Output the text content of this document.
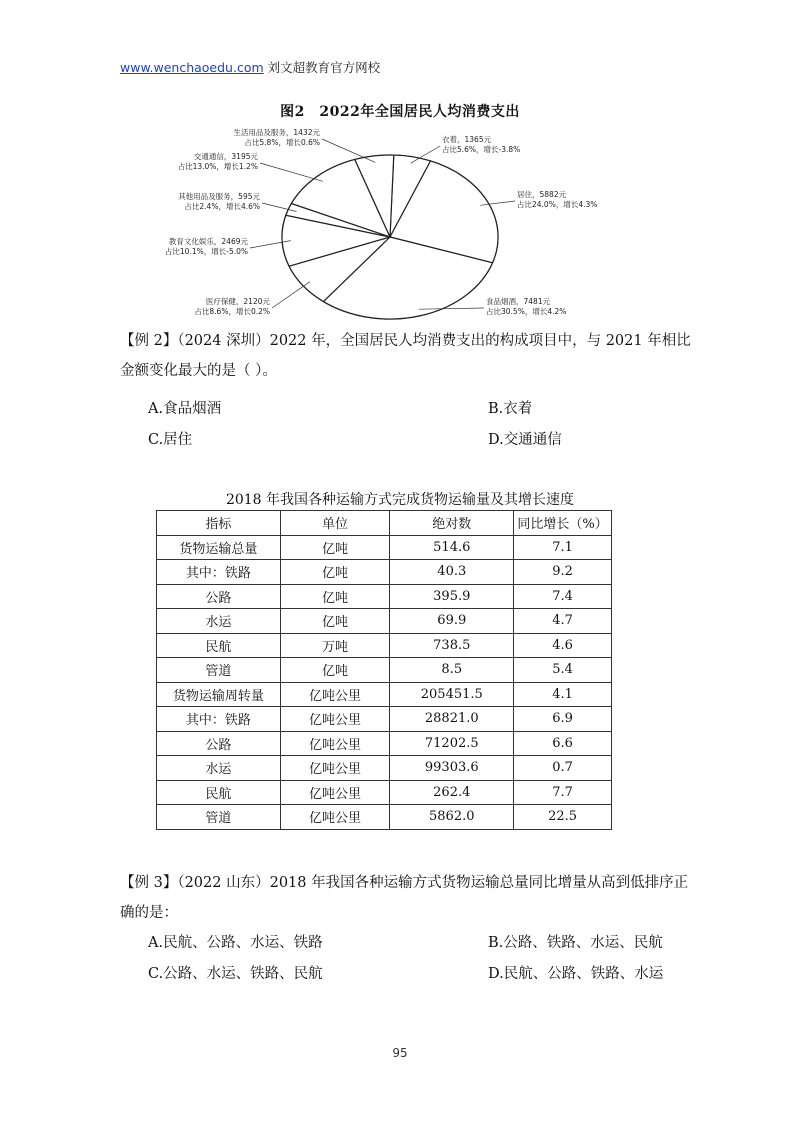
www.wenchaoedu.com 刘文超教育官方网校
图2　2022年全国居民人均消费支出
衣着，1365元
占比5.6%，增长-3.8%
居住，5882元
占比24.0%，增长4.3%
食品烟酒，7481元
占比30.5%，增长4.2%
医疗保健，2120元
占比8.6%，增长0.2%
教育文化娱乐，2469元
占比10.1%，增长-5.0%
其他用品及服务，595元
占比2.4%，增长4.6%
交通通信，3195元
占比13.0%，增长1.2%
生活用品及服务，1432元
占比5.8%，增长0.6%
【例 2】（2024 深圳）2022 年，全国居民人均消费支出的构成项目中，与 2021 年相比金额变化最大的是（ ）。
A.食品烟酒	B.衣着
C.居住	D.交通通信
2018 年我国各种运输方式完成货物运输量及其增长速度
指标	单位	绝对数	同比增长（%）
货物运输总量	亿吨	514.6	7.1
其中：铁路	亿吨	40.3	9.2
公路	亿吨	395.9	7.4
水运	亿吨	69.9	4.7
民航	万吨	738.5	4.6
管道	亿吨	8.5	5.4
货物运输周转量	亿吨公里	205451.5	4.1
其中：铁路	亿吨公里	28821.0	6.9
公路	亿吨公里	71202.5	6.6
水运	亿吨公里	99303.6	0.7
民航	亿吨公里	262.4	7.7
管道	亿吨公里	5862.0	22.5
【例 3】（2022 山东）2018 年我国各种运输方式货物运输总量同比增量从高到低排序正确的是：
A.民航、公路、水运、铁路	B.公路、铁路、水运、民航
C.公路、水运、铁路、民航	D.民航、公路、铁路、水运
95
